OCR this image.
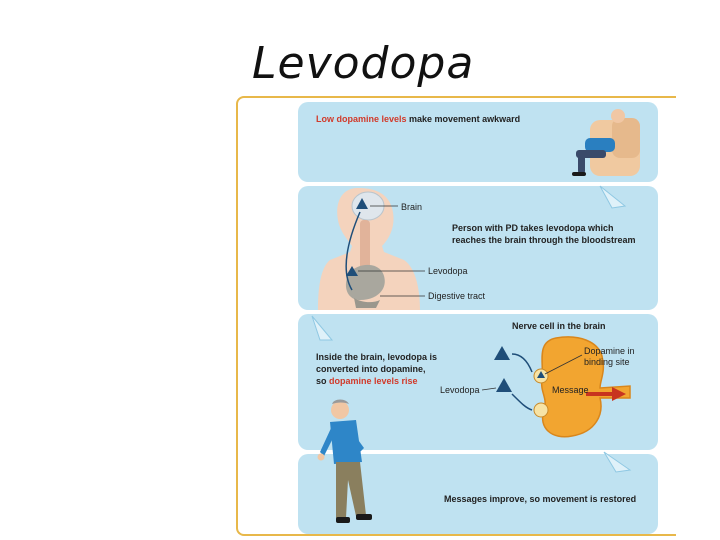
Levodopa
Low dopamine levels make movement awkward
Brain
Person with PD takes levodopa which
reaches the brain through the bloodstream
Levodopa
Digestive tract
Nerve cell in the brain
Inside the brain, levodopa is
converted into dopamine,
so dopamine levels rise
Levodopa
Dopamine in
binding site
Message
Messages improve, so movement is restored
